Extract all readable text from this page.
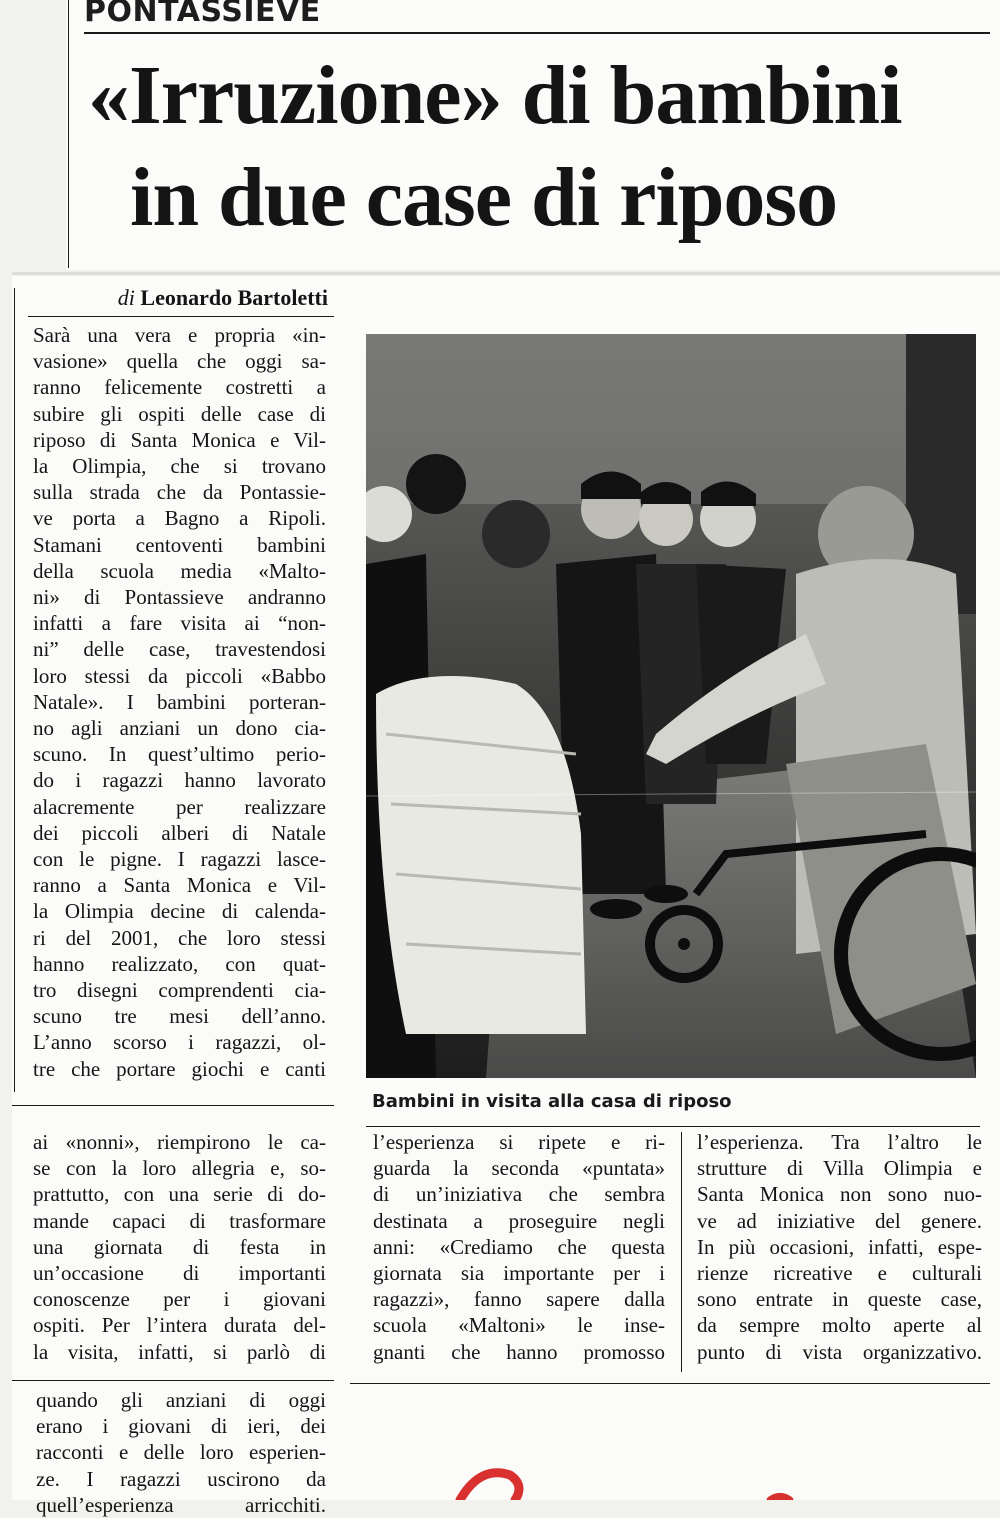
PONTASSIEVE
«Irruzione» di bambini
in due case di riposo
di Leonardo Bartoletti
Sarà una vera e propria «in-
vasione» quella che oggi sa-
ranno felicemente costretti a
subire gli ospiti delle case di
riposo di Santa Monica e Vil-
la Olimpia, che si trovano
sulla strada che da Pontassie-
ve porta a Bagno a Ripoli.
Stamani centoventi bambini
della scuola media «Malto-
ni» di Pontassieve andranno
infatti a fare visita ai “non-
ni” delle case, travestendosi
loro stessi da piccoli «Babbo
Natale». I bambini porteran-
no agli anziani un dono cia-
scuno. In quest’ultimo perio-
do i ragazzi hanno lavorato
alacremente per realizzare
dei piccoli alberi di Natale
con le pigne. I ragazzi lasce-
ranno a Santa Monica e Vil-
la Olimpia decine di calenda-
ri del 2001, che loro stessi
hanno realizzato, con quat-
tro disegni comprendenti cia-
scuno tre mesi dell’anno.
L’anno scorso i ragazzi, ol-
tre che portare giochi e canti
Bambini in visita alla casa di riposo
ai «nonni», riempirono le ca-
se con la loro allegria e, so-
prattutto, con una serie di do-
mande capaci di trasformare
una giornata di festa in
un’occasione di importanti
conoscenze per i giovani
ospiti. Per l’intera durata del-
la visita, infatti, si parlò di
quando gli anziani di oggi
erano i giovani di ieri, dei
racconti e delle loro esperien-
ze. I ragazzi uscirono da
quell’esperienza arricchiti.
l’esperienza si ripete e ri-
guarda la seconda «puntata»
di un’iniziativa che sembra
destinata a proseguire negli
anni: «Crediamo che questa
giornata sia importante per i
ragazzi», fanno sapere dalla
scuola «Maltoni» le inse-
gnanti che hanno promosso
l’esperienza. Tra l’altro le
strutture di Villa Olimpia e
Santa Monica non sono nuo-
ve ad iniziative del genere.
In più occasioni, infatti, espe-
rienze ricreative e culturali
sono entrate in queste case,
da sempre molto aperte al
punto di vista organizzativo.
